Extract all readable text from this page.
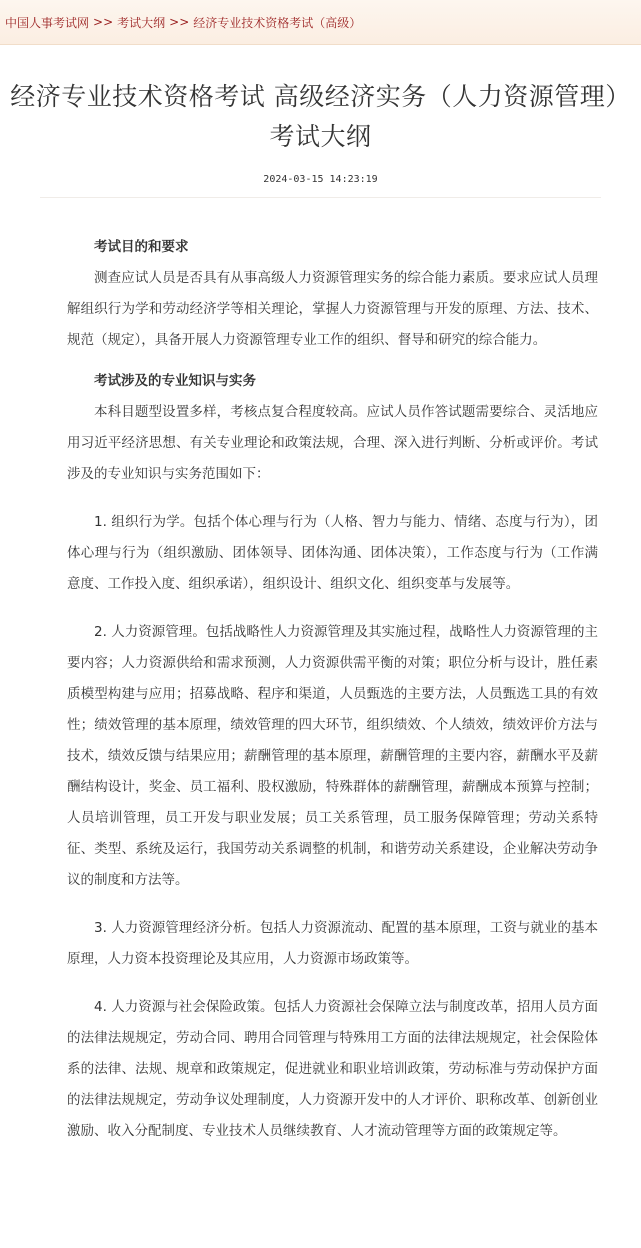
中国人事考试网 >> 考试大纲 >> 经济专业技术资格考试（高级）
经济专业技术资格考试 高级经济实务（人力资源管理） 考试大纲
2024-03-15 14:23:19

考试目的和要求

测查应试人员是否具有从事高级人力资源管理实务的综合能力素质。要求应试人员理解组织行为学和劳动经济学等相关理论，掌握人力资源管理与开发的原理、方法、技术、规范（规定），具备开展人力资源管理专业工作的组织、督导和研究的综合能力。

考试涉及的专业知识与实务

本科目题型设置多样，考核点复合程度较高。应试人员作答试题需要综合、灵活地应用习近平经济思想、有关专业理论和政策法规，合理、深入进行判断、分析或评价。考试涉及的专业知识与实务范围如下：

1. 组织行为学。包括个体心理与行为（人格、智力与能力、情绪、态度与行为），团体心理与行为（组织激励、团体领导、团体沟通、团体决策），工作态度与行为（工作满意度、工作投入度、组织承诺），组织设计、组织文化、组织变革与发展等。

2. 人力资源管理。包括战略性人力资源管理及其实施过程，战略性人力资源管理的主要内容；人力资源供给和需求预测，人力资源供需平衡的对策；职位分析与设计，胜任素质模型构建与应用；招募战略、程序和渠道，人员甄选的主要方法，人员甄选工具的有效性；绩效管理的基本原理，绩效管理的四大环节，组织绩效、个人绩效，绩效评价方法与技术，绩效反馈与结果应用；薪酬管理的基本原理，薪酬管理的主要内容，薪酬水平及薪酬结构设计，奖金、员工福利、股权激励，特殊群体的薪酬管理，薪酬成本预算与控制；人员培训管理，员工开发与职业发展；员工关系管理，员工服务保障管理；劳动关系特征、类型、系统及运行，我国劳动关系调整的机制，和谐劳动关系建设，企业解决劳动争议的制度和方法等。

3. 人力资源管理经济分析。包括人力资源流动、配置的基本原理，工资与就业的基本原理，人力资本投资理论及其应用，人力资源市场政策等。

4. 人力资源与社会保险政策。包括人力资源社会保障立法与制度改革，招用人员方面的法律法规规定，劳动合同、聘用合同管理与特殊用工方面的法律法规规定，社会保险体系的法律、法规、规章和政策规定，促进就业和职业培训政策，劳动标准与劳动保护方面的法律法规规定，劳动争议处理制度，人力资源开发中的人才评价、职称改革、创新创业激励、收入分配制度、专业技术人员继续教育、人才流动管理等方面的政策规定等。
